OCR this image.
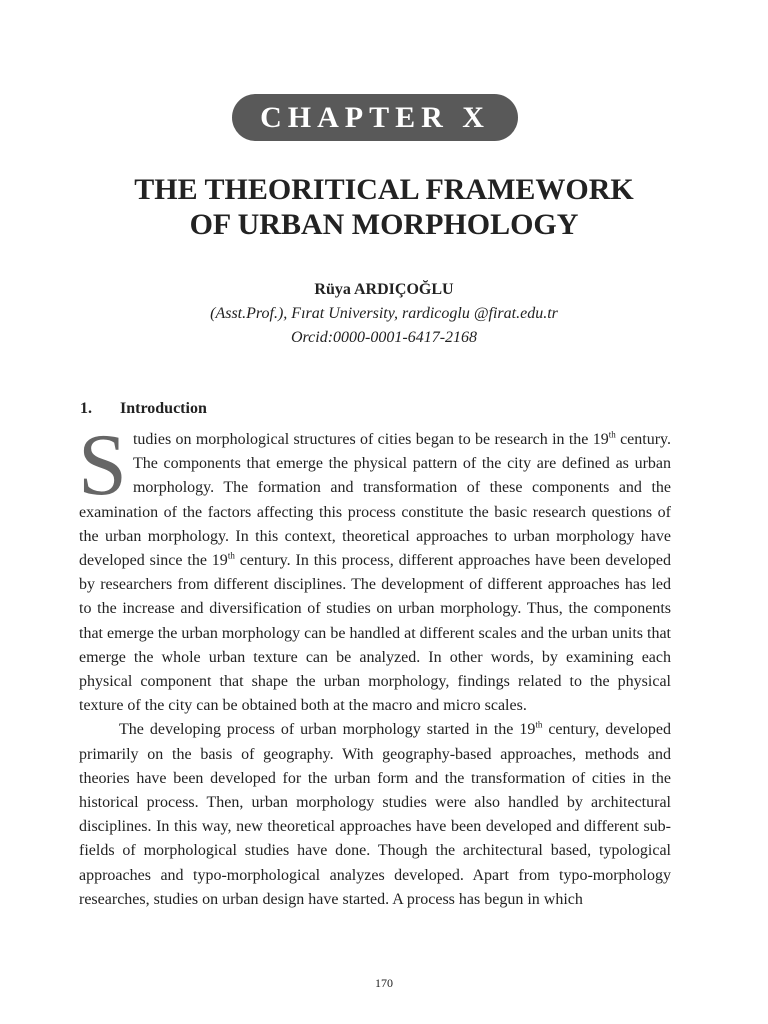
CHAPTER X
THE THEORITICAL FRAMEWORK
OF URBAN MORPHOLOGY
Rüya ARDIÇOĞLU
(Asst.Prof.), Fırat University, rardicoglu @firat.edu.tr
Orcid:0000-0001-6417-2168
1. Introduction

Studies on morphological structures of cities began to be research in the 19th century. The components that emerge the physical pattern of the city are defined as urban morphology. The formation and transformation of these components and the examination of the factors affecting this process constitute the basic research questions of the urban morphology. In this context, theoretical approaches to urban morphology have developed since the 19th century. In this process, different approaches have been developed by researchers from different disciplines. The development of different approaches has led to the increase and diversification of studies on urban morphology. Thus, the components that emerge the urban morphology can be handled at different scales and the urban units that emerge the whole urban texture can be analyzed. In other words, by examining each physical component that shape the urban morphology, findings related to the physical texture of the city can be obtained both at the macro and micro scales.

The developing process of urban morphology started in the 19th century, developed primarily on the basis of geography. With geography-based approaches, methods and theories have been developed for the urban form and the transformation of cities in the historical process. Then, urban morphology studies were also handled by architectural disciplines. In this way, new theoretical approaches have been developed and different sub-fields of morphological studies have done. Though the architectural based, typological approaches and typo-morphological analyzes developed. Apart from typo-morphology researches, studies on urban design have started. A process has begun in which

170
